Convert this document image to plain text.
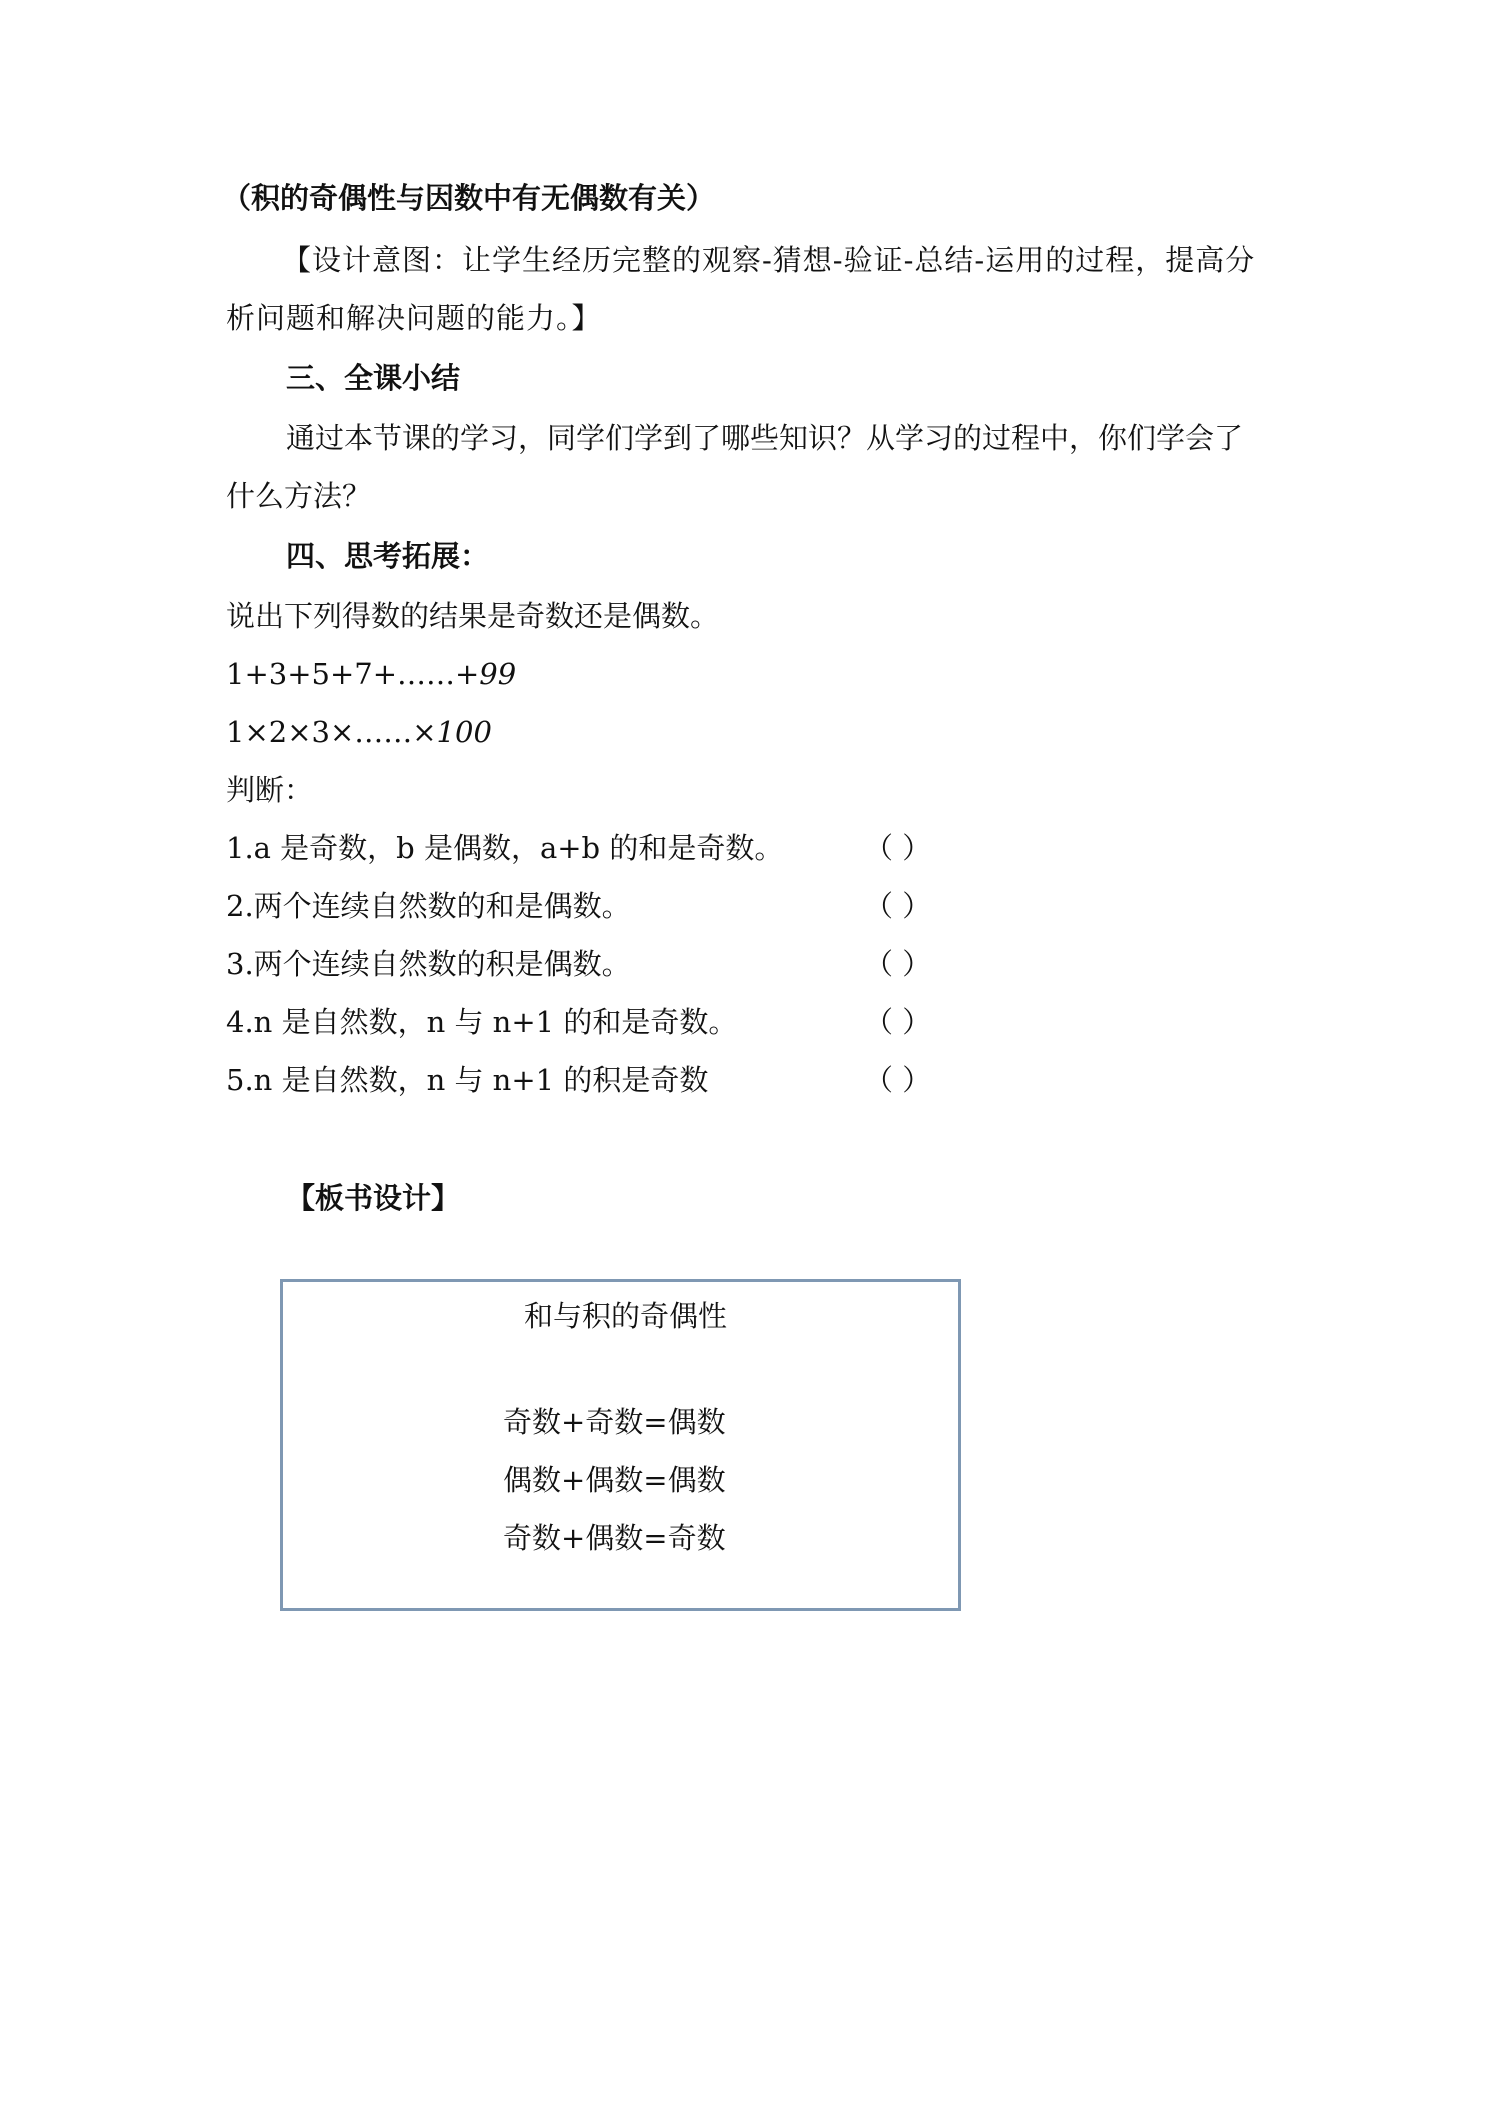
（积的奇偶性与因数中有无偶数有关）
【设计意图：让学生经历完整的观察-猜想-验证-总结-运用的过程，提高分
析问题和解决问题的能力。】
三、全课小结
通过本节课的学习，同学们学到了哪些知识？从学习的过程中，你们学会了
什么方法？
四、思考拓展：
说出下列得数的结果是奇数还是偶数。
1+3+5+7+……+99
1×2×3×……×100
判断：
1.a 是奇数，b 是偶数，a+b 的和是奇数。	（ ）
2.两个连续自然数的和是偶数。	（ ）
3.两个连续自然数的积是偶数。	（ ）
4.n 是自然数，n 与 n+1 的和是奇数。	（ ）
5.n 是自然数，n 与 n+1 的积是奇数	（ ）
【板书设计】
和与积的奇偶性
奇数+奇数=偶数
偶数+偶数=偶数
奇数+偶数=奇数
